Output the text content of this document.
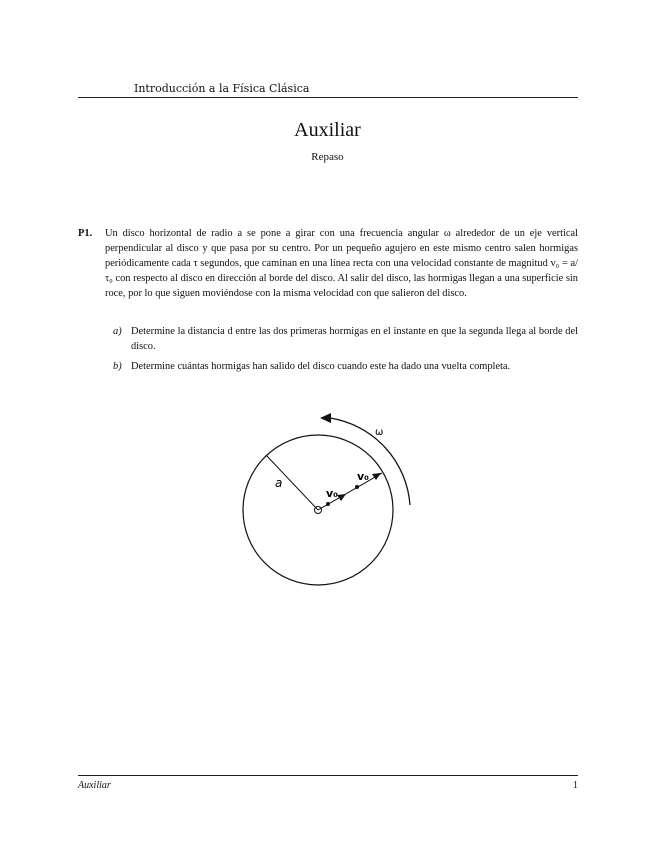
Introducción a la Física Clásica
Auxiliar
Repaso
P1. Un disco horizontal de radio a se pone a girar con una frecuencia angular ω alrededor de un eje vertical perpendicular al disco y que pasa por su centro. Por un pequeño agujero en este mismo centro salen hormigas periódicamente cada τ segundos, que caminan en una línea recta con una velocidad constante de magnitud v₀ = a/τ₀ con respecto al disco en dirección al borde del disco. Al salir del disco, las hormigas llegan a una superficie sin roce, por lo que siguen moviéndose con la misma velocidad con que salieron del disco.
a) Determine la distancia d entre las dos primeras hormigas en el instante en que la segunda llega al borde del disco.
b) Determine cuántas hormigas han salido del disco cuando este ha dado una vuelta completa.
a
ω
v₀
v₀
Auxiliar	1
